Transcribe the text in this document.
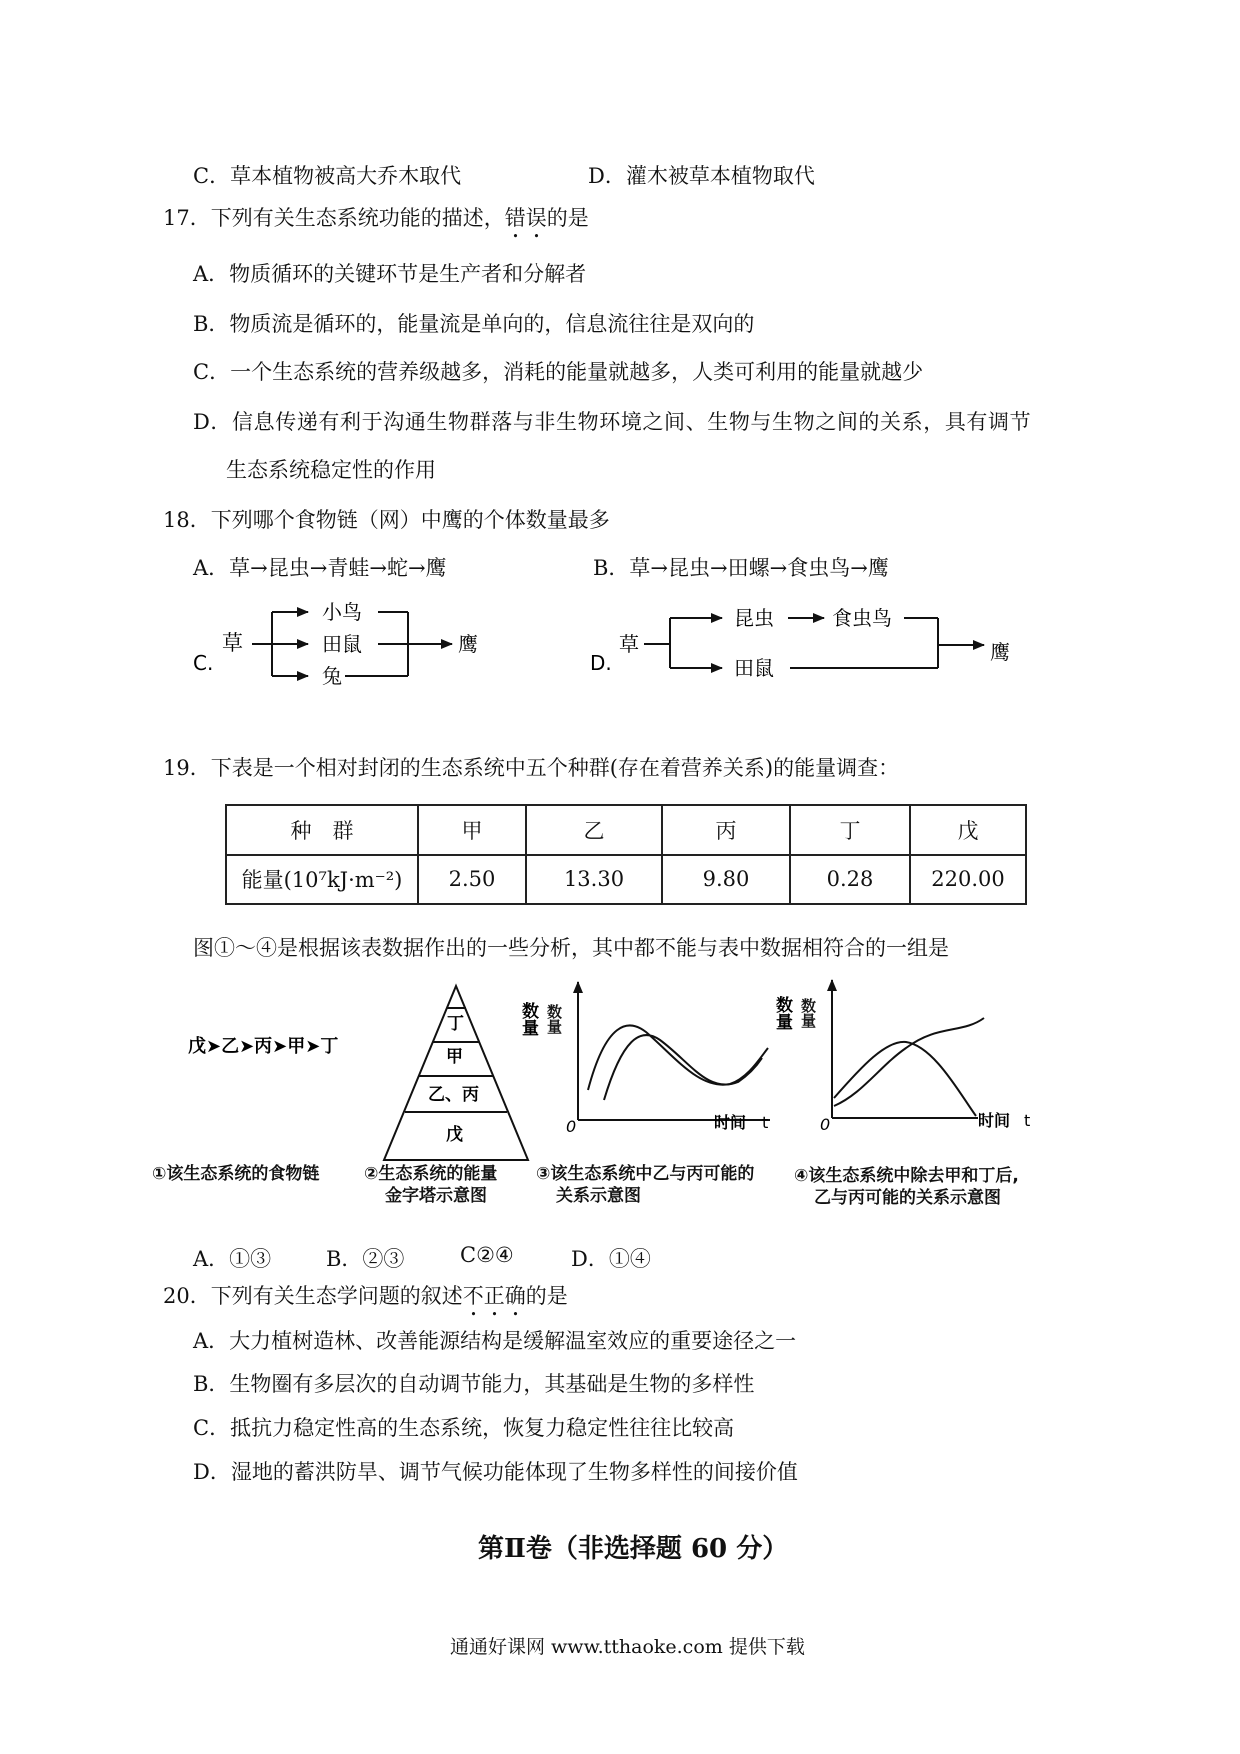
C．草本植物被高大乔木取代	D．灌木被草本植物取代
17．下列有关生态系统功能的描述，错误的是
A．物质循环的关键环节是生产者和分解者
B．物质流是循环的，能量流是单向的，信息流往往是双向的
C．一个生态系统的营养级越多，消耗的能量就越多，人类可利用的能量就越少
D．信息传递有利于沟通生物群落与非生物环境之间、生物与生物之间的关系，具有调节
生态系统稳定性的作用
18．下列哪个食物链（网）中鹰的个体数量最多
A．草→昆虫→青蛙→蛇→鹰	B．草→昆虫→田螺→食虫鸟→鹰
C.
草
小鸟
田鼠
兔
鹰
D.
草
昆虫	食虫鸟
田鼠
鹰
19．下表是一个相对封闭的生态系统中五个种群(存在着营养关系)的能量调查：
种　群	甲	乙	丙	丁	戊
能量(10⁷kJ·m⁻²)	2.50	13.30	9.80	0.28	220.00
图①～④是根据该表数据作出的一些分析，其中都不能与表中数据相符合的一组是
戊➤乙➤丙➤甲➤丁
丁
甲
乙、丙
戊
数量 数量
0	时间 t
数量 数量
0	时间 t
①该生态系统的食物链	②生态系统的能量
金字塔示意图
③该生态系统中乙与丙可能的
关系示意图
④该生态系统中除去甲和丁后,
乙与丙可能的关系示意图
A．①③	B．②③	C②④	D．①④
20．下列有关生态学问题的叙述不正确的是
A．大力植树造林、改善能源结构是缓解温室效应的重要途径之一
B．生物圈有多层次的自动调节能力，其基础是生物的多样性
C．抵抗力稳定性高的生态系统，恢复力稳定性往往比较高
D．湿地的蓄洪防旱、调节气候功能体现了生物多样性的间接价值
第Ⅱ卷（非选择题 60 分）
通通好课网 www.tthaoke.com 提供下载
